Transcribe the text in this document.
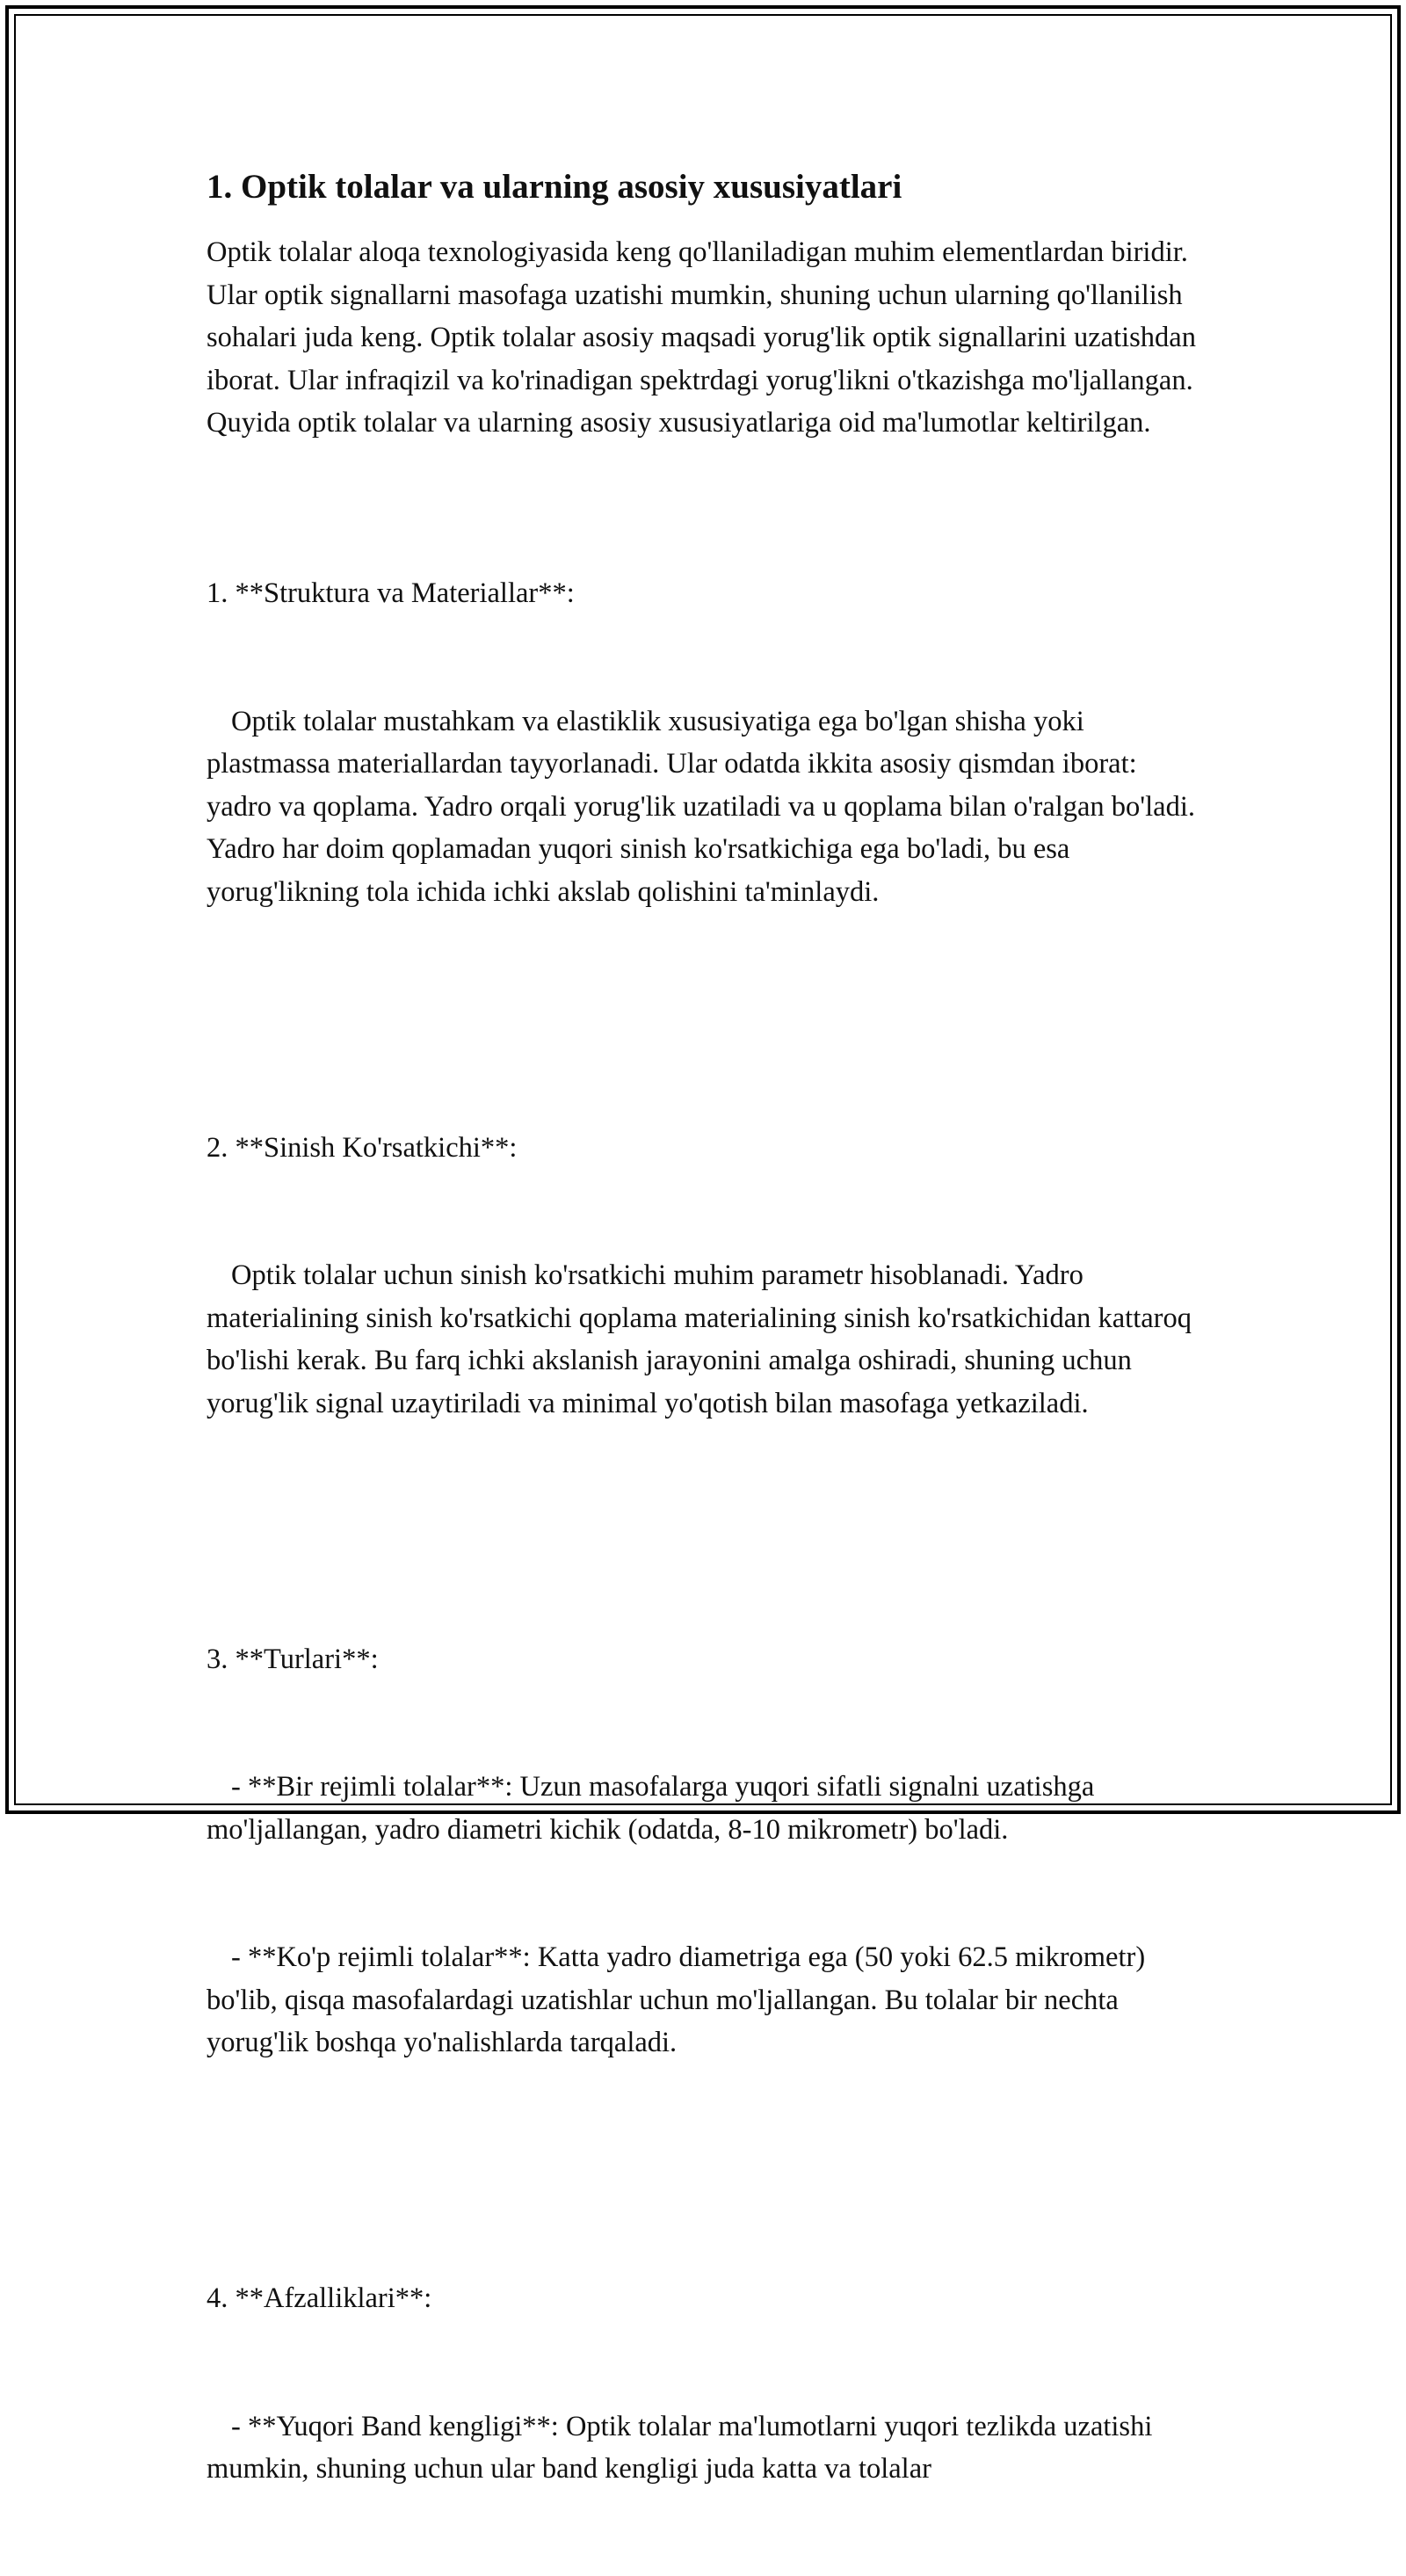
1. Optik tolalar va ularning asosiy xususiyatlari

Optik tolalar aloqa texnologiyasida keng qo'llaniladigan muhim elementlardan biridir. Ular optik signallarni masofaga uzatishi mumkin, shuning uchun ularning qo'llanilish sohalari juda keng. Optik tolalar asosiy maqsadi yorug'lik optik signallarini uzatishdan iborat. Ular infraqizil va ko'rinadigan spektrdagi yorug'likni o'tkazishga mo'ljallangan. Quyida optik tolalar va ularning asosiy xususiyatlariga oid ma'lumotlar keltirilgan.

1. **Struktura va Materiallar**:

Optik tolalar mustahkam va elastiklik xususiyatiga ega bo'lgan shisha yoki plastmassa materiallardan tayyorlanadi. Ular odatda ikkita asosiy qismdan iborat: yadro va qoplama. Yadro orqali yorug'lik uzatiladi va u qoplama bilan o'ralgan bo'ladi. Yadro har doim qoplamadan yuqori sinish ko'rsatkichiga ega bo'ladi, bu esa yorug'likning tola ichida ichki akslab qolishini ta'minlaydi.

2. **Sinish Ko'rsatkichi**:

Optik tolalar uchun sinish ko'rsatkichi muhim parametr hisoblanadi. Yadro materialining sinish ko'rsatkichi qoplama materialining sinish ko'rsatkichidan kattaroq bo'lishi kerak. Bu farq ichki akslanish jarayonini amalga oshiradi, shuning uchun yorug'lik signal uzaytiriladi va minimal yo'qotish bilan masofaga yetkaziladi.

3. **Turlari**:

- **Bir rejimli tolalar**: Uzun masofalarga yuqori sifatli signalni uzatishga mo'ljallangan, yadro diametri kichik (odatda, 8-10 mikrometr) bo'ladi.

- **Ko'p rejimli tolalar**: Katta yadro diametriga ega (50 yoki 62.5 mikrometr) bo'lib, qisqa masofalardagi uzatishlar uchun mo'ljallangan. Bu tolalar bir nechta yorug'lik boshqa yo'nalishlarda tarqaladi.

4. **Afzalliklari**:

- **Yuqori Band kengligi**: Optik tolalar ma'lumotlarni yuqori tezlikda uzatishi mumkin, shuning uchun ular band kengligi juda katta va tolalar
